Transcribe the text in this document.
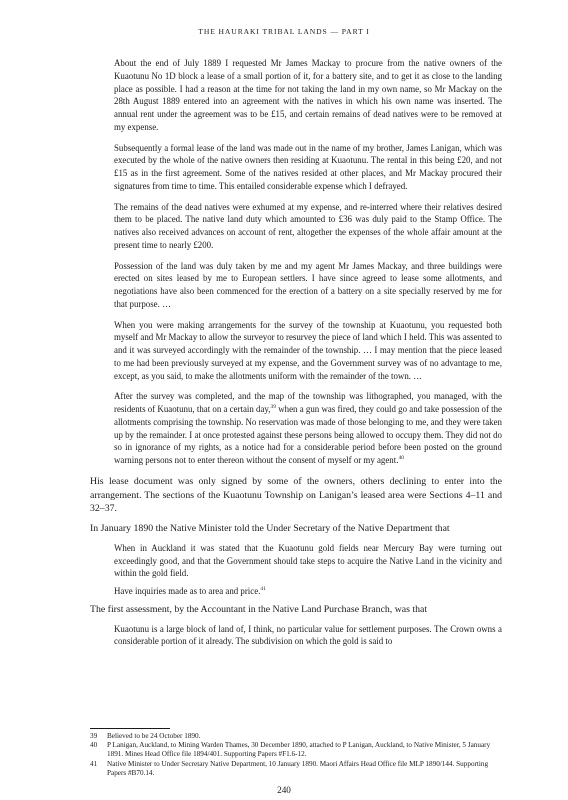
THE HAURAKI TRIBAL LANDS — PART I

About the end of July 1889 I requested Mr James Mackay to procure from the native owners of the Kuaotunu No 1D block a lease of a small portion of it, for a battery site, and to get it as close to the landing place as possible. I had a reason at the time for not taking the land in my own name, so Mr Mackay on the 28th August 1889 entered into an agreement with the natives in which his own name was inserted. The annual rent under the agreement was to be £15, and certain remains of dead natives were to be removed at my expense.

Subsequently a formal lease of the land was made out in the name of my brother, James Lanigan, which was executed by the whole of the native owners then residing at Kuaotunu. The rental in this being £20, and not £15 as in the first agreement. Some of the natives resided at other places, and Mr Mackay procured their signatures from time to time. This entailed considerable expense which I defrayed.

The remains of the dead natives were exhumed at my expense, and re-interred where their relatives desired them to be placed. The native land duty which amounted to £36 was duly paid to the Stamp Office. The natives also received advances on account of rent, altogether the expenses of the whole affair amount at the present time to nearly £200.

Possession of the land was duly taken by me and my agent Mr James Mackay, and three buildings were erected on sites leased by me to European settlers. I have since agreed to lease some allotments, and negotiations have also been commenced for the erection of a battery on a site specially reserved by me for that purpose. …

When you were making arrangements for the survey of the township at Kuaotunu, you requested both myself and Mr Mackay to allow the surveyor to resurvey the piece of land which I held. This was assented to and it was surveyed accordingly with the remainder of the township. … I may mention that the piece leased to me had been previously surveyed at my expense, and the Government survey was of no advantage to me, except, as you said, to make the allotments uniform with the remainder of the town. …

After the survey was completed, and the map of the township was lithographed, you managed, with the residents of Kuaotunu, that on a certain day,$^{39}$ when a gun was fired, they could go and take possession of the allotments comprising the township. No reservation was made of those belonging to me, and they were taken up by the remainder. I at once protested against these persons being allowed to occupy them. They did not do so in ignorance of my rights, as a notice had for a considerable period before been posted on the ground warning persons not to enter thereon without the consent of myself or my agent.$^{40}$

His lease document was only signed by some of the owners, others declining to enter into the arrangement. The sections of the Kuaotunu Township on Lanigan’s leased area were Sections 4–11 and 32–37.

In January 1890 the Native Minister told the Under Secretary of the Native Department that

When in Auckland it was stated that the Kuaotunu gold fields near Mercury Bay were turning out exceedingly good, and that the Government should take steps to acquire the Native Land in the vicinity and within the gold field.

Have inquiries made as to area and price.$^{41}$

The first assessment, by the Accountant in the Native Land Purchase Branch, was that

Kuaotunu is a large block of land of, I think, no particular value for settlement purposes. The Crown owns a considerable portion of it already. The subdivision on which the gold is said to

39 Believed to be 24 October 1890.

40 P Lanigan, Auckland, to Mining Warden Thames, 30 December 1890, attached to P Lanigan, Auckland, to Native Minister, 5 January 1891. Mines Head Office file 1894/401. Supporting Papers #F1.6-12.

41 Native Minister to Under Secretary Native Department, 10 January 1890. Maori Affairs Head Office file MLP 1890/144. Supporting Papers #B70.14.

240
